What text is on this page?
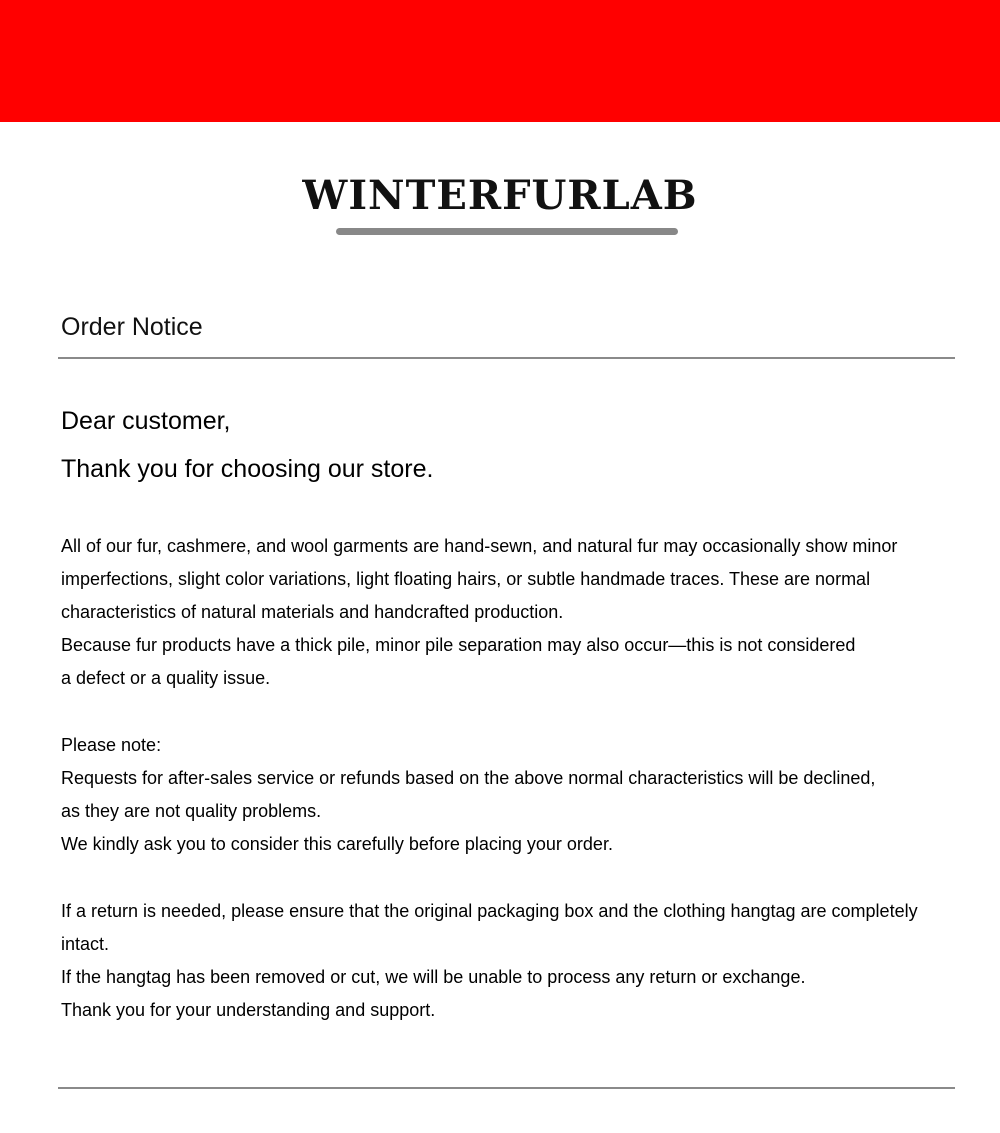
WINTERFURLAB
Order Notice
Dear customer,
Thank you for choosing our store.

All of our fur, cashmere, and wool garments are hand-sewn, and natural fur may occasionally show minor

imperfections, slight color variations, light floating hairs, or subtle handmade traces. These are normal

characteristics of natural materials and handcrafted production.

Because fur products have a thick pile, minor pile separation may also occur—this is not considered

a defect or a quality issue.

Please note:

Requests for after-sales service or refunds based on the above normal characteristics will be declined,

as they are not quality problems.

We kindly ask you to consider this carefully before placing your order.

If a return is needed, please ensure that the original packaging box and the clothing hangtag are completely

intact.

If the hangtag has been removed or cut, we will be unable to process any return or exchange.

Thank you for your understanding and support.
